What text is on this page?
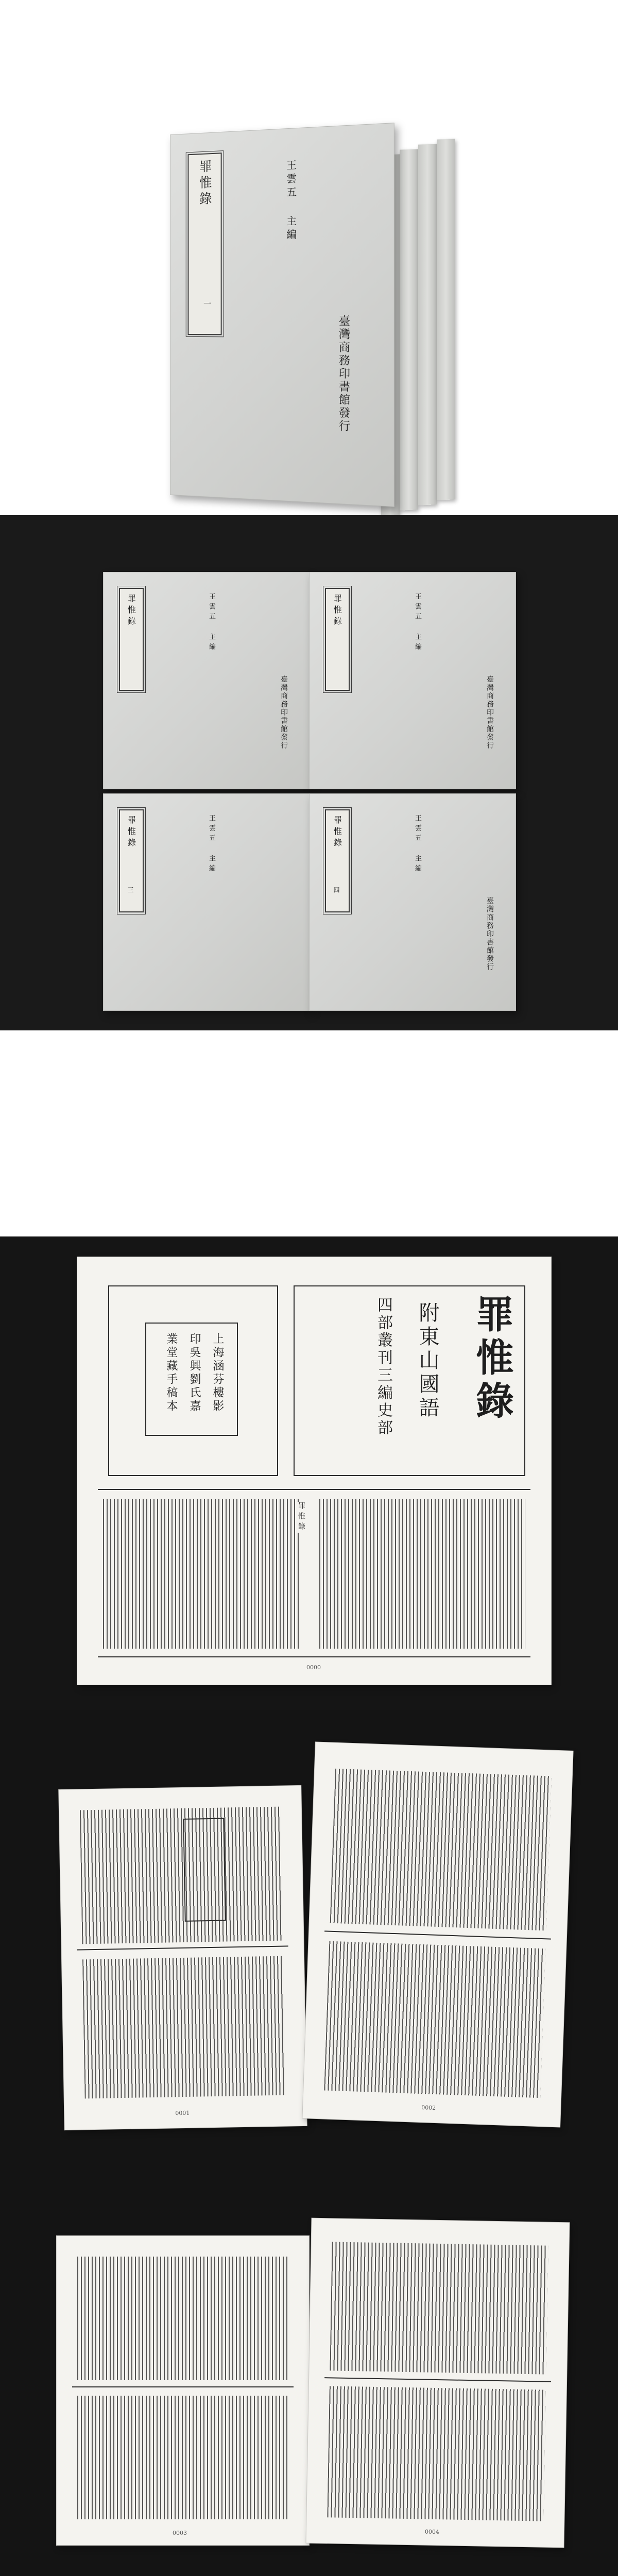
罪惟錄	王雲五 主編
臺灣商務印書館發行
一
罪惟錄	王雲五 主編
臺灣商務印書館發行
罪惟錄	王雲五 主編
臺灣商務印書館發行
罪惟錄
三
王雲五 主編	罪惟錄
四
王雲五 主編
臺灣商務印書館發行
上海涵芬樓影
印吳興劉氏嘉
業堂藏手稿本	罪惟錄
附東山國語
四部叢刊三編史部
罪惟錄
0000
0001
0002
0003	0004
